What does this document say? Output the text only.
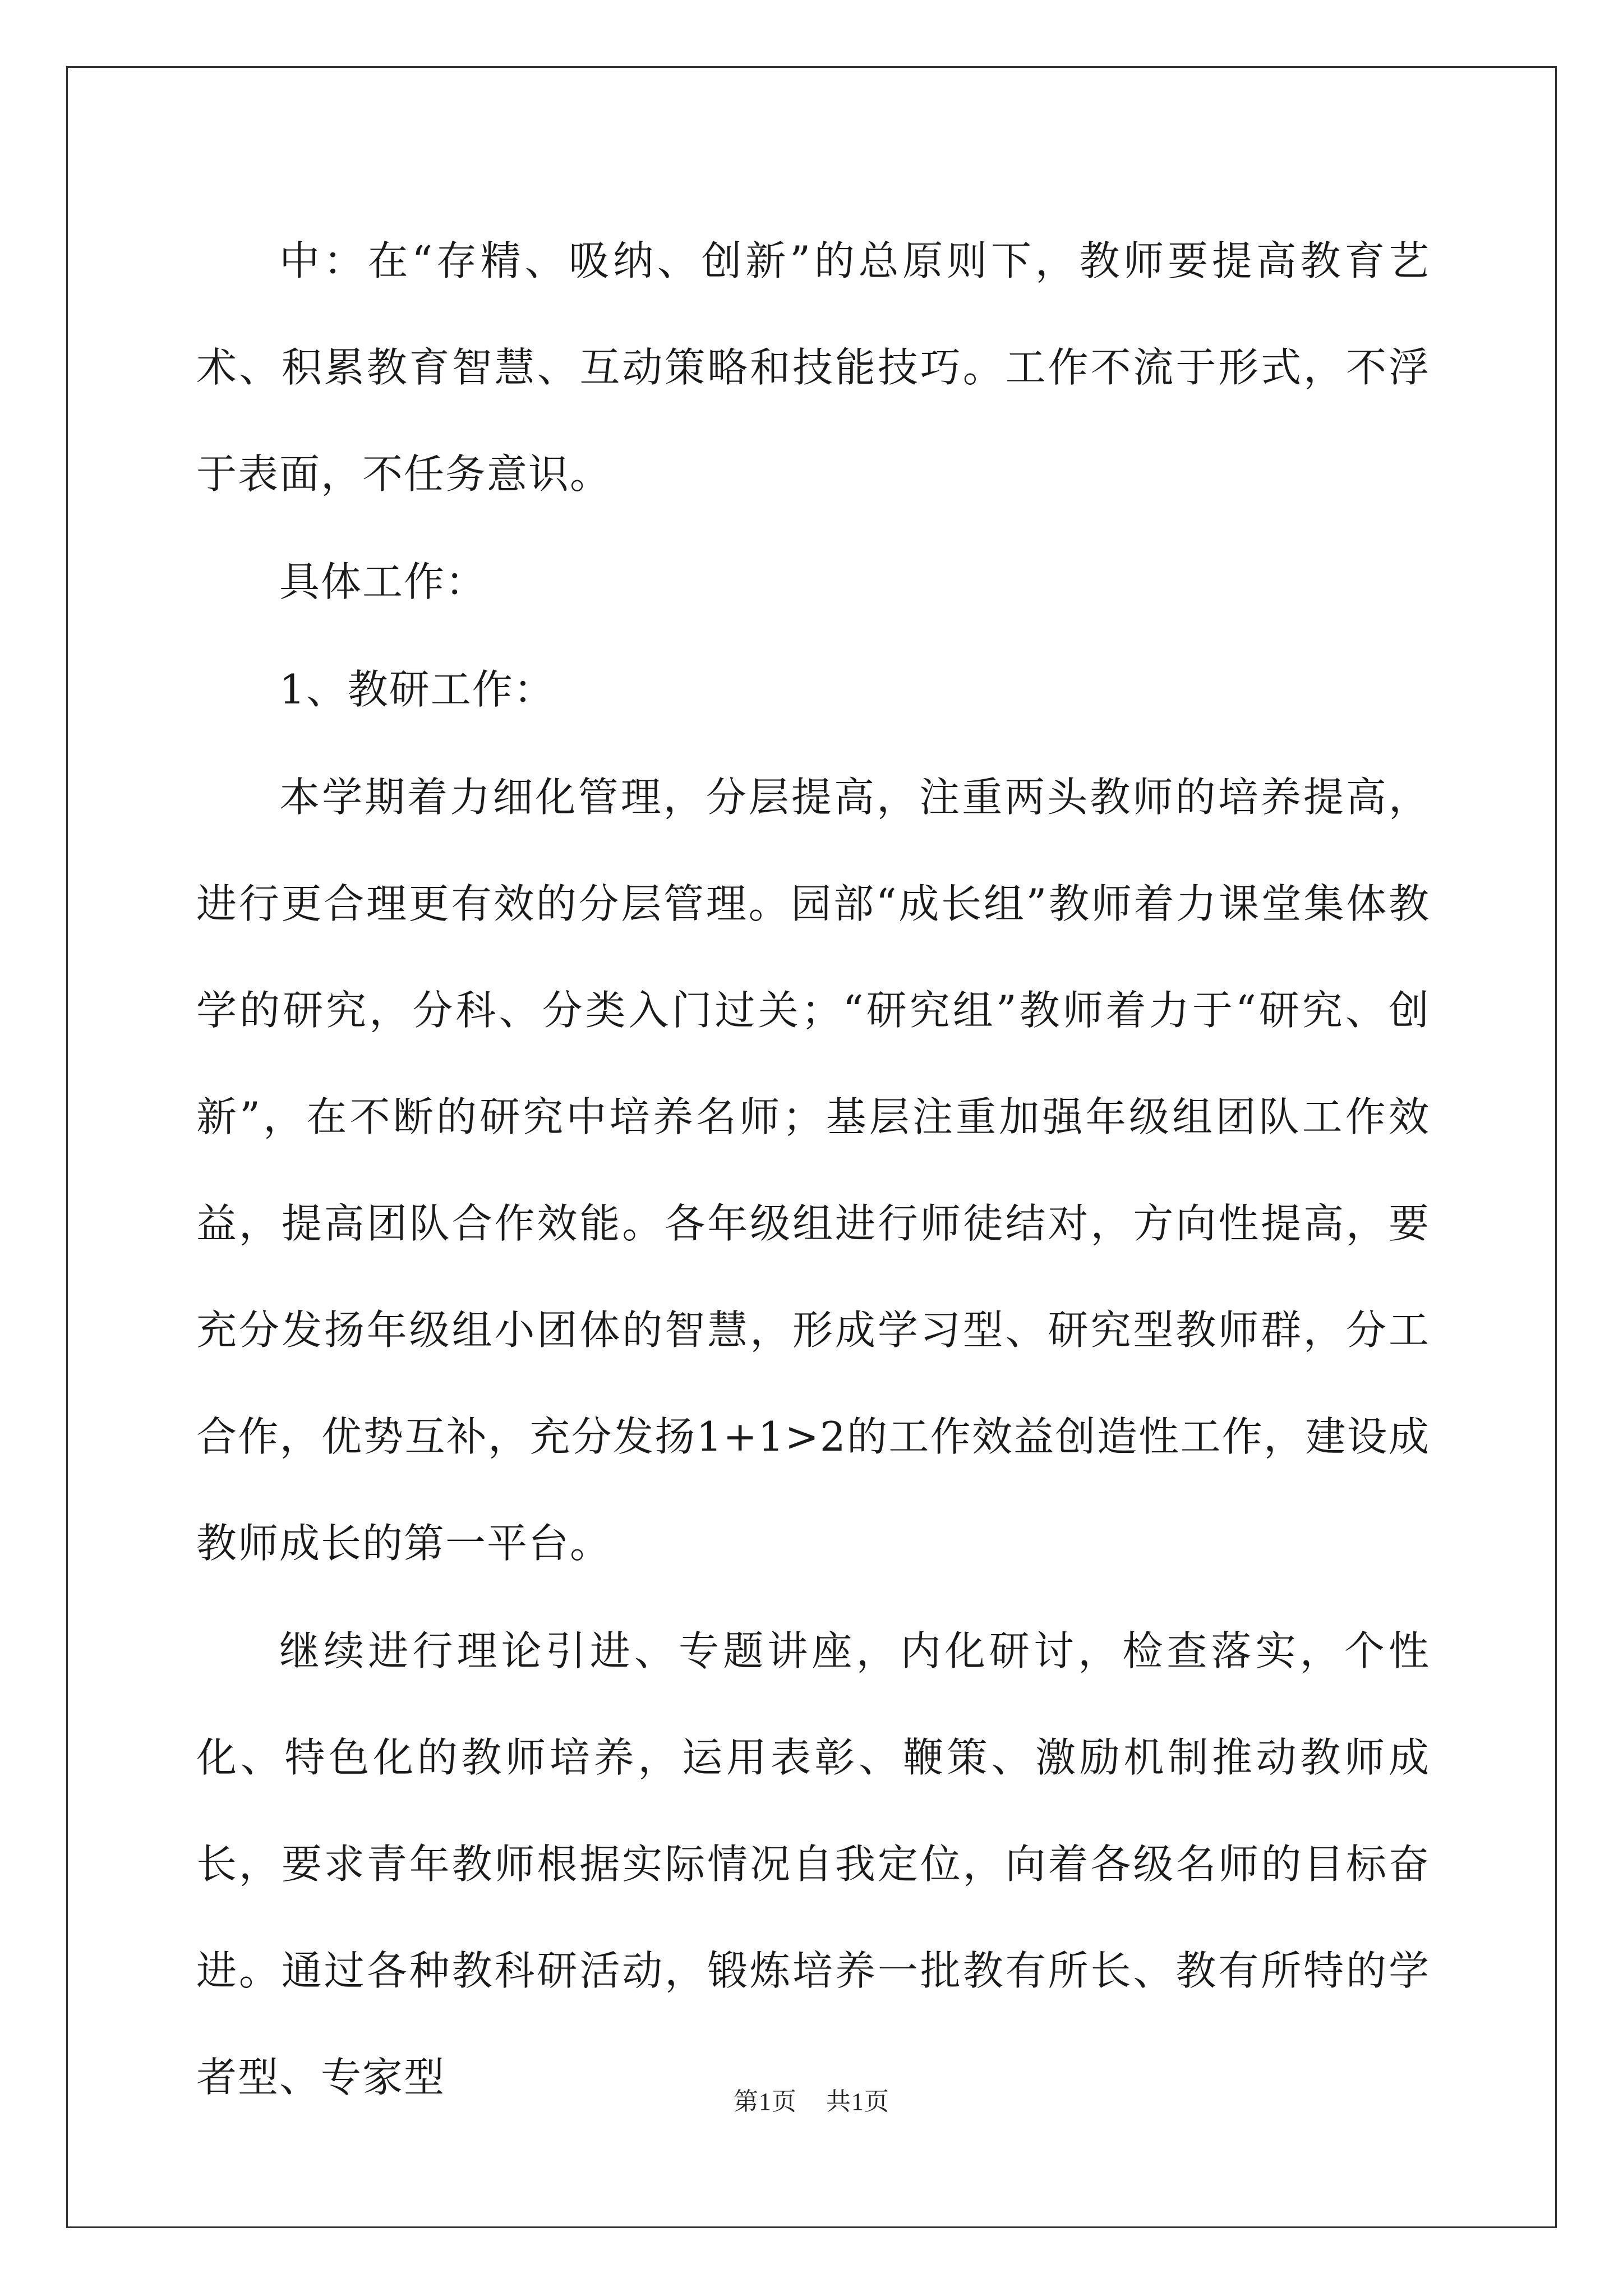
中：在“存精、吸纳、创新”的总原则下，教师要提高教育艺术、积累教育智慧、互动策略和技能技巧。工作不流于形式，不浮于表面，不任务意识。

具体工作：

1、教研工作：

本学期着力细化管理，分层提高，注重两头教师的培养提高，进行更合理更有效的分层管理。园部“成长组”教师着力课堂集体教学的研究，分科、分类入门过关；“研究组”教师着力于“研究、创新”，在不断的研究中培养名师；基层注重加强年级组团队工作效益，提高团队合作效能。各年级组进行师徒结对，方向性提高，要充分发扬年级组小团体的智慧，形成学习型、研究型教师群，分工合作，优势互补，充分发扬1+1>2的工作效益创造性工作，建设成教师成长的第一平台。

继续进行理论引进、专题讲座，内化研讨，检查落实，个性化、特色化的教师培养，运用表彰、鞭策、激励机制推动教师成长，要求青年教师根据实际情况自我定位，向着各级名师的目标奋进。通过各种教科研活动，锻炼培养一批教有所长、教有所特的学者型、专家型

第1页 共1页
